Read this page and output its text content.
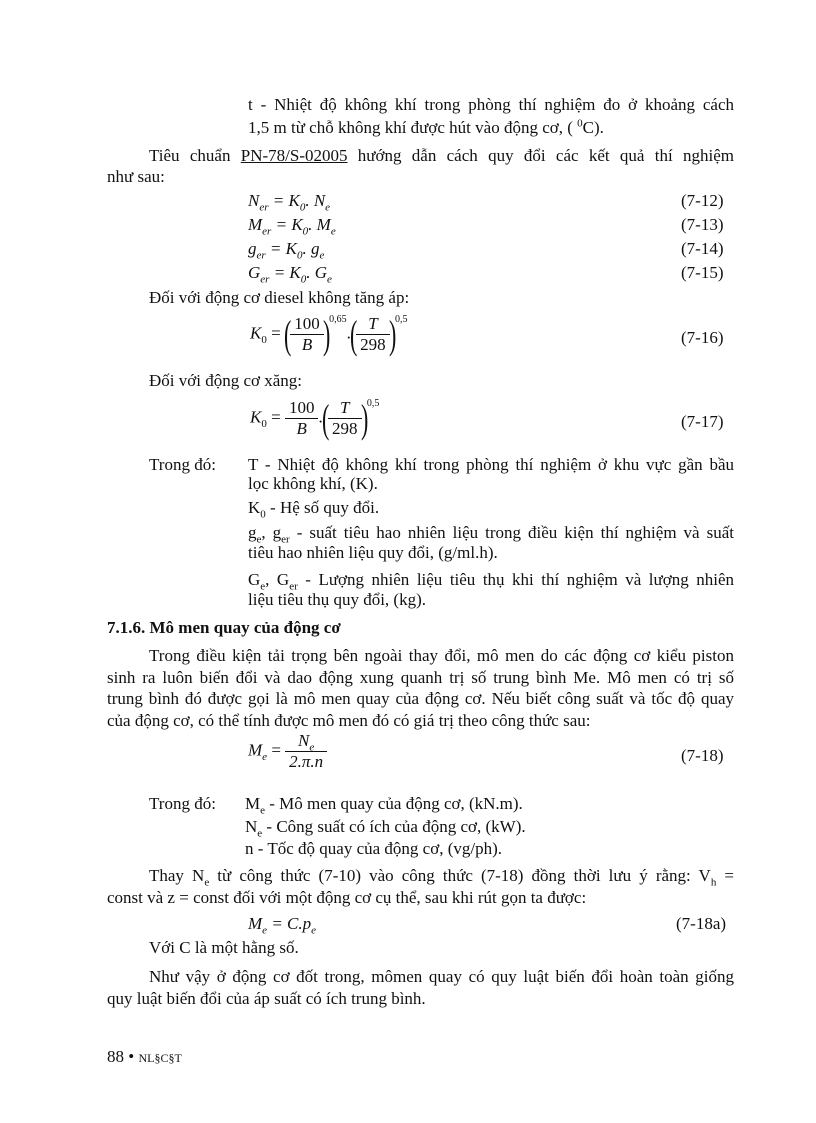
t - Nhiệt độ không khí trong phòng thí nghiệm đo ở khoảng cách
1,5 m từ chỗ không khí được hút vào động cơ, ( $^0$C).
Tiêu chuẩn PN-78/S-02005 hướng dẫn cách quy đổi các kết quả thí nghiệm
như sau:
$N_{er} = K_0$. $N_e$	(7-12)
$M_{er} = K_0$. $M_e$	(7-13)
$g_{er} = K_0$. $g_e$	(7-14)
$G_{er} = K_0$. $G_e$	(7-15)
Đối với động cơ diesel không tăng áp:
$K_0$ = (
$\frac{100}{B}$
)$^{0,65}$.(
$\frac{T}{298}$
)$^{0,5}$
(7-16)
Đối với động cơ xăng:
$K_0 = \frac{100}{B}$ .(
$\frac{T}{298}$
)$^{0,5}$
(7-17)
Trong đó: T - Nhiệt độ không khí trong phòng thí nghiệm ở khu vực gần bầu
lọc không khí, (K).
$K_0$ - Hệ số quy đổi.
$g_e$, $g_{er}$ - suất tiêu hao nhiên liệu trong điều kiện thí nghiệm và suất
tiêu hao nhiên liệu quy đổi, (g/ml.h).
$G_e$, $G_{er}$ - Lượng nhiên liệu tiêu thụ khi thí nghiệm và lượng nhiên
liệu tiêu thụ quy đổi, (kg).
7.1.6. Mô men quay của động cơ
Trong điều kiện tải trọng bên ngoài thay đổi, mô men do các động cơ kiểu piston
sinh ra luôn biến đổi và dao động xung quanh trị số trung bình Me. Mô men có trị số
trung bình đó được gọi là mô men quay của động cơ. Nếu biết công suất và tốc độ quay
của động cơ, có thể tính được mô men đó có giá trị theo công thức sau:
$M_e = \frac{N_e}{2.\pi.n}$	(7-18)
Trong đó: $M_e$ - Mô men quay của động cơ, (kN.m).
$N_e$ - Công suất có ích của động cơ, (kW).
n - Tốc độ quay của động cơ, (vg/ph).
Thay $N_e$ từ công thức (7-10) vào công thức (7-18) đồng thời lưu ý rằng: $V_h$ =
const và z = const đối với một động cơ cụ thể, sau khi rút gọn ta được:
$M_e = C.p_e$	(7-18a)
Với C là một hằng số.
Như vậy ở động cơ đốt trong, mômen quay có quy luật biến đổi hoàn toàn giống
quy luật biến đổi của áp suất có ích trung bình.
88 • NL§C§T
